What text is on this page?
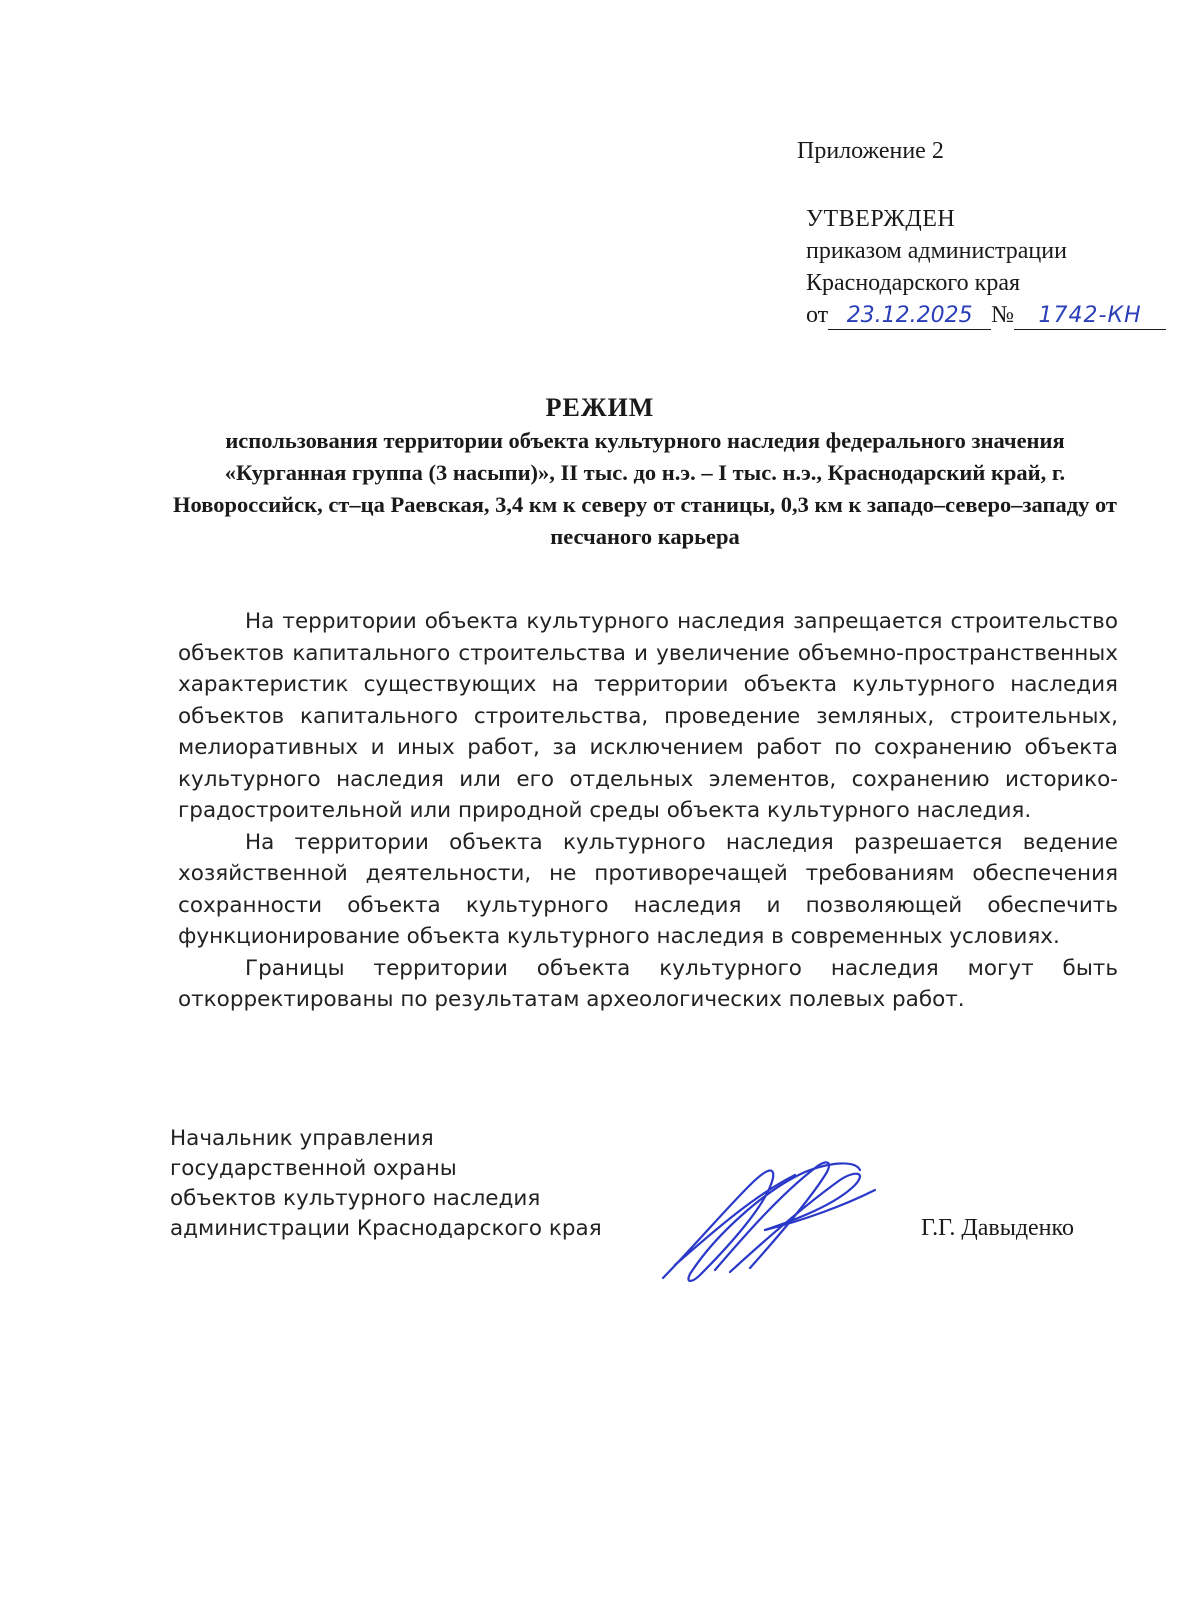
Приложение 2
УТВЕРЖДЕН
приказом администрации
Краснодарского края
от 23.12.2025 № 1742-КН
РЕЖИМ
использования территории объекта культурного наследия федерального значения «Курганная группа (3 насыпи)», II тыс. до н.э. – I тыс. н.э., Краснодарский край, г. Новороссийск, ст–ца Раевская, 3,4 км к северу от станицы, 0,3 км к западо–северо–западу от песчаного карьера

На территории объекта культурного наследия запрещается строительство объектов капитального строительства и увеличение объемно-пространственных характеристик существующих на территории объекта культурного наследия объектов капитального строительства, проведение земляных, строительных, мелиоративных и иных работ, за исключением работ по сохранению объекта культурного наследия или его отдельных элементов, сохранению историко-градостроительной или природной среды объекта культурного наследия.

На территории объекта культурного наследия разрешается ведение хозяйственной деятельности, не противоречащей требованиям обеспечения сохранности объекта культурного наследия и позволяющей обеспечить функционирование объекта культурного наследия в современных условиях.

Границы территории объекта культурного наследия могут быть откорректированы по результатам археологических полевых работ.

Начальник управления
государственной охраны
объектов культурного наследия
администрации Краснодарского края	Г.Г. Давыденко
